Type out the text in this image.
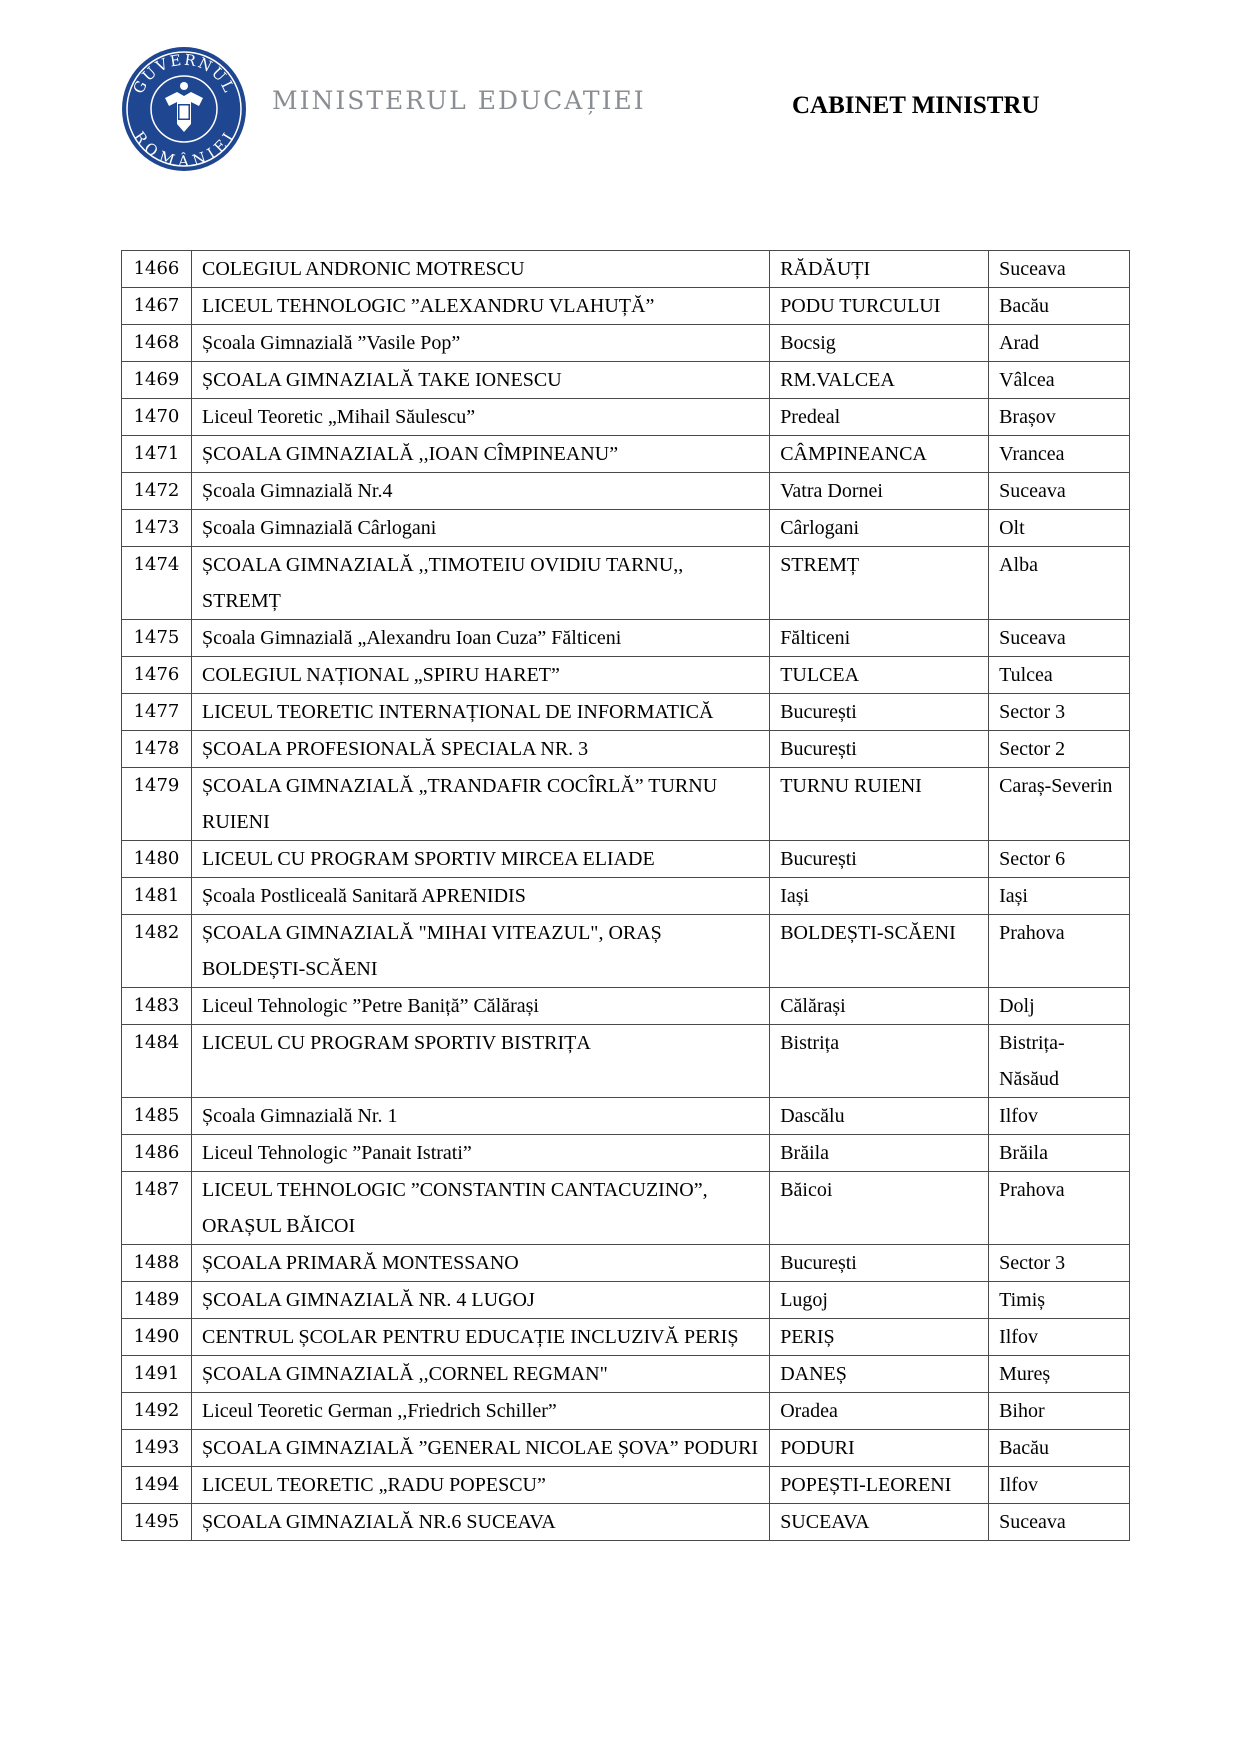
GUVERNUL
ROMÂNIEI
MINISTERUL EDUCAȚIEI	CABINET MINISTRU
1466	COLEGIUL ANDRONIC MOTRESCU	RĂDĂUȚI	Suceava
1467	LICEUL TEHNOLOGIC ”ALEXANDRU VLAHUȚĂ”	PODU TURCULUI	Bacău
1468	Școala Gimnazială ”Vasile Pop”	Bocsig	Arad
1469	ȘCOALA GIMNAZIALĂ TAKE IONESCU	RM.VALCEA	Vâlcea
1470	Liceul Teoretic „Mihail Săulescu”	Predeal	Brașov
1471	ȘCOALA GIMNAZIALĂ ,,IOAN CÎMPINEANU”	CÂMPINEANCA	Vrancea
1472	Școala Gimnazială Nr.4	Vatra Dornei	Suceava
1473	Școala Gimnazială Cârlogani	Cârlogani	Olt
1474	ȘCOALA GIMNAZIALĂ ,,TIMOTEIU OVIDIU TARNU,, STREMȚ	STREMȚ	Alba
1475	Școala Gimnazială „Alexandru Ioan Cuza” Fălticeni	Fălticeni	Suceava
1476	COLEGIUL NAȚIONAL „SPIRU HARET”	TULCEA	Tulcea
1477	LICEUL TEORETIC INTERNAȚIONAL DE INFORMATICĂ	București	Sector 3
1478	ȘCOALA PROFESIONALĂ SPECIALA NR. 3	București	Sector 2
1479	ȘCOALA GIMNAZIALĂ „TRANDAFIR COCÎRLĂ” TURNU RUIENI	TURNU RUIENI	Caraș-Severin
1480	LICEUL CU PROGRAM SPORTIV MIRCEA ELIADE	București	Sector 6
1481	Școala Postliceală Sanitară APRENIDIS	Iași	Iași
1482	ȘCOALA GIMNAZIALĂ "MIHAI VITEAZUL", ORAȘ BOLDEȘTI-SCĂENI	BOLDEȘTI-SCĂENI	Prahova
1483	Liceul Tehnologic ”Petre Baniță” Călărași	Călărași	Dolj
1484	LICEUL CU PROGRAM SPORTIV BISTRIȚA	Bistrița	Bistrița-Năsăud
1485	Școala Gimnazială Nr. 1	Dascălu	Ilfov
1486	Liceul Tehnologic ”Panait Istrati”	Brăila	Brăila
1487	LICEUL TEHNOLOGIC ”CONSTANTIN CANTACUZINO”, ORAȘUL BĂICOI	Băicoi	Prahova
1488	ȘCOALA PRIMARĂ MONTESSANO	București	Sector 3
1489	ȘCOALA GIMNAZIALĂ NR. 4 LUGOJ	Lugoj	Timiș
1490	CENTRUL ȘCOLAR PENTRU EDUCAȚIE INCLUZIVĂ PERIȘ	PERIȘ	Ilfov
1491	ȘCOALA GIMNAZIALĂ ,,CORNEL REGMAN"	DANEȘ	Mureș
1492	Liceul Teoretic German ,,Friedrich Schiller”	Oradea	Bihor
1493	ȘCOALA GIMNAZIALĂ ”GENERAL NICOLAE ȘOVA” PODURI	PODURI	Bacău
1494	LICEUL TEORETIC „RADU POPESCU”	POPEȘTI-LEORENI	Ilfov
1495	ȘCOALA GIMNAZIALĂ NR.6 SUCEAVA	SUCEAVA	Suceava
